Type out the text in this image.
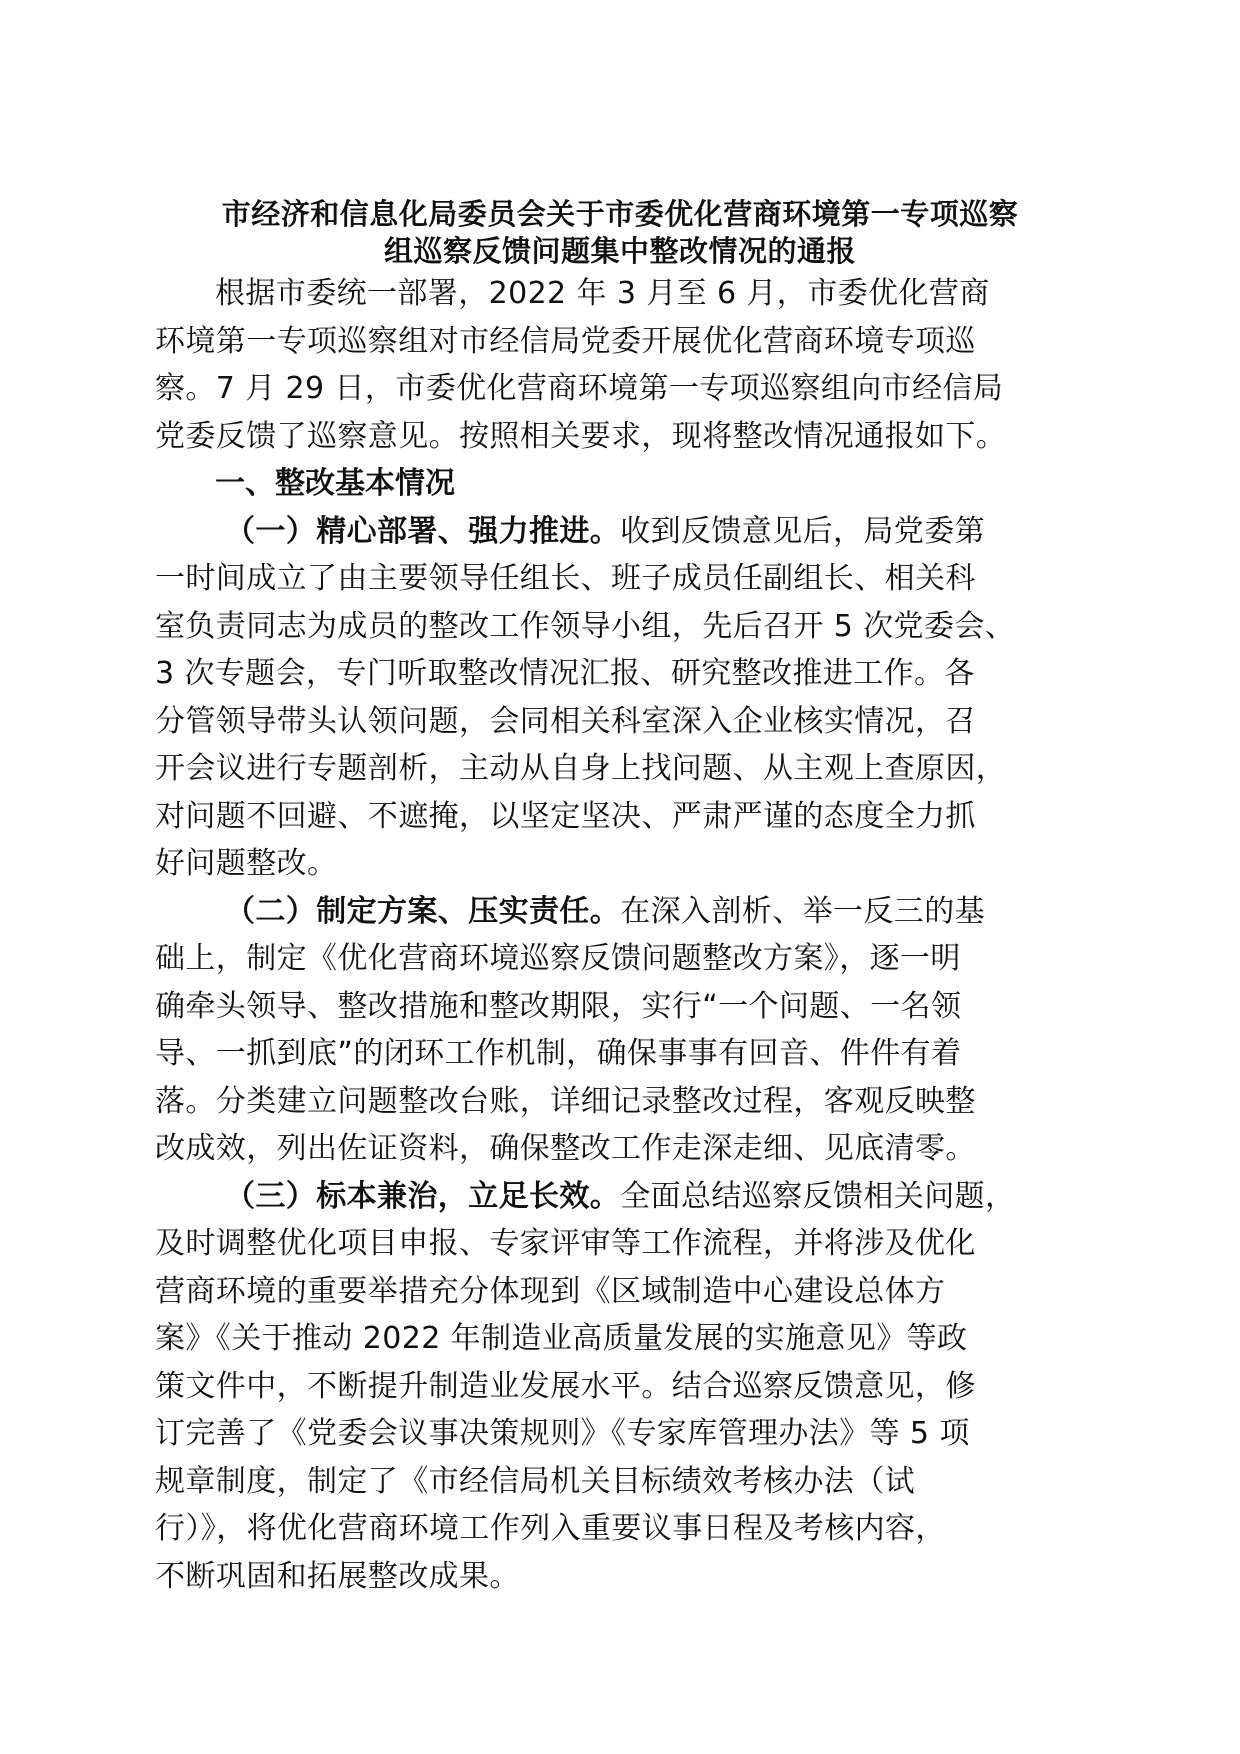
市经济和信息化局委员会关于市委优化营商环境第一专项巡察
组巡察反馈问题集中整改情况的通报

根据市委统一部署，2022 年 3 月至 6 月，市委优化营商
环境第一专项巡察组对市经信局党委开展优化营商环境专项巡
察。7 月 29 日，市委优化营商环境第一专项巡察组向市经信局
党委反馈了巡察意见。按照相关要求，现将整改情况通报如下。

一、整改基本情况

（一）精心部署、强力推进。收到反馈意见后，局党委第
一时间成立了由主要领导任组长、班子成员任副组长、相关科
室负责同志为成员的整改工作领导小组，先后召开 5 次党委会、
3 次专题会，专门听取整改情况汇报、研究整改推进工作。各
分管领导带头认领问题，会同相关科室深入企业核实情况，召
开会议进行专题剖析，主动从自身上找问题、从主观上查原因，
对问题不回避、不遮掩，以坚定坚决、严肃严谨的态度全力抓
好问题整改。

（二）制定方案、压实责任。在深入剖析、举一反三的基
础上，制定《优化营商环境巡察反馈问题整改方案》，逐一明
确牵头领导、整改措施和整改期限，实行“一个问题、一名领
导、一抓到底”的闭环工作机制，确保事事有回音、件件有着
落。分类建立问题整改台账，详细记录整改过程，客观反映整
改成效，列出佐证资料，确保整改工作走深走细、见底清零。

（三）标本兼治，立足长效。全面总结巡察反馈相关问题，
及时调整优化项目申报、专家评审等工作流程，并将涉及优化
营商环境的重要举措充分体现到《区域制造中心建设总体方
案》《关于推动 2022 年制造业高质量发展的实施意见》等政
策文件中，不断提升制造业发展水平。结合巡察反馈意见，修
订完善了《党委会议事决策规则》《专家库管理办法》等 5 项
规章制度，制定了《市经信局机关目标绩效考核办法（试
行）》，将优化营商环境工作列入重要议事日程及考核内容，
不断巩固和拓展整改成果。
